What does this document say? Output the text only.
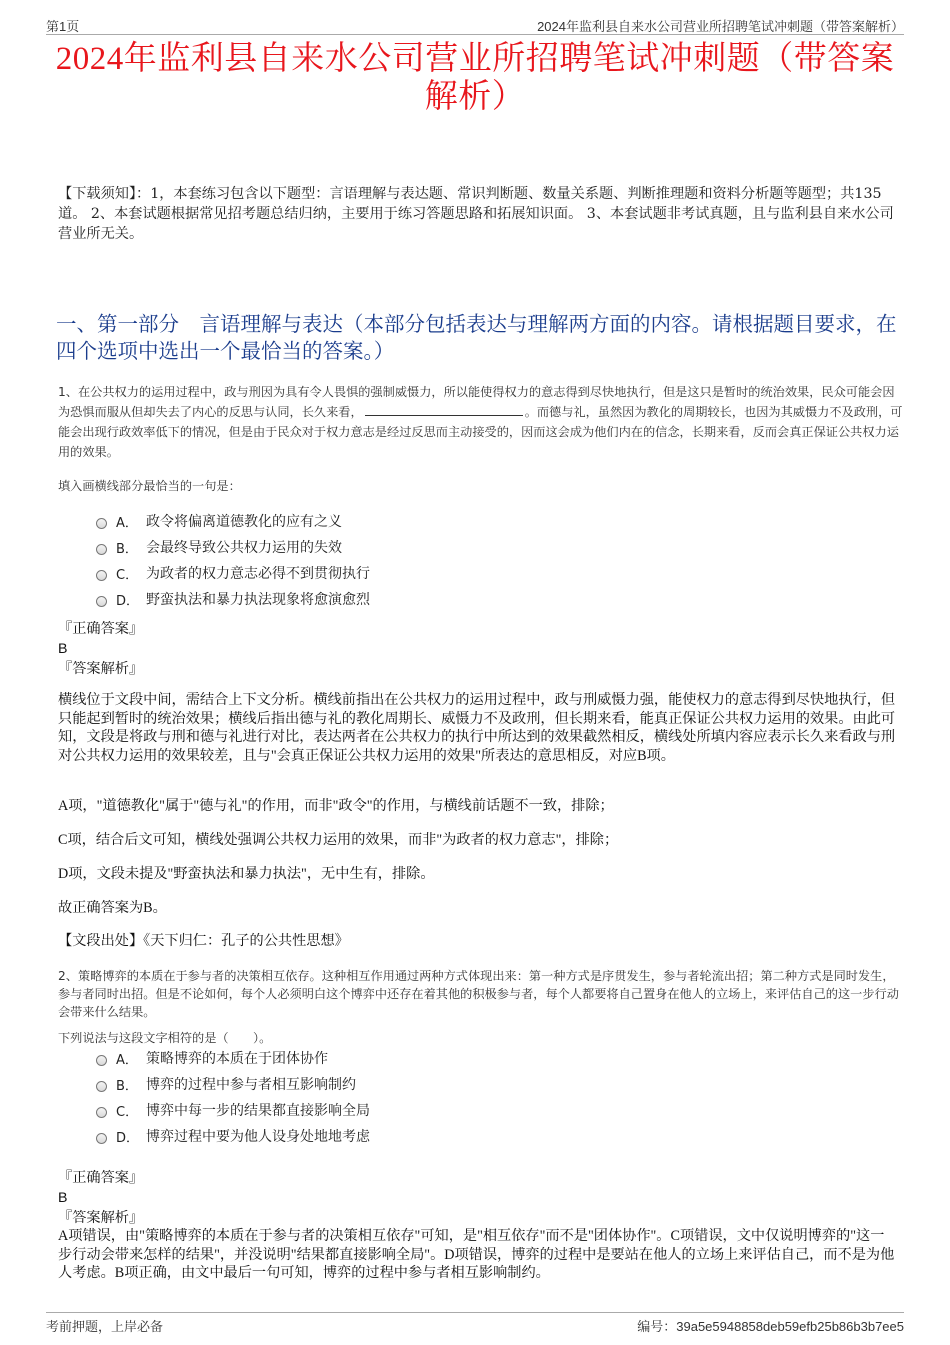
第1页	2024年监利县自来水公司营业所招聘笔试冲刺题（带答案解析）
2024年监利县自来水公司营业所招聘笔试冲刺题（带答案解析）
【下载须知】：1，本套练习包含以下题型：言语理解与表达题、常识判断题、数量关系题、判断推理题和资料分析题等题型；共135道。 2、本套试题根据常见招考题总结归纳，主要用于练习答题思路和拓展知识面。 3、本套试题非考试真题，且与监利县自来水公司营业所无关。
一、第一部分　言语理解与表达（本部分包括表达与理解两方面的内容。请根据题目要求，在四个选项中选出一个最恰当的答案。）
1、在公共权力的运用过程中，政与刑因为具有令人畏惧的强制威慑力，所以能使得权力的意志得到尽快地执行，但是这只是暂时的统治效果，民众可能会因为恐惧而服从但却失去了内心的反思与认同，长久来看，	。而德与礼，虽然因为教化的周期较长，也因为其威慑力不及政刑，可能会出现行政效率低下的情况，但是由于民众对于权力意志是经过反思而主动接受的，因而这会成为他们内在的信念，长期来看，反而会真正保证公共权力运用的效果。
填入画横线部分最恰当的一句是：
A． 政令将偏离道德教化的应有之义
B． 会最终导致公共权力运用的失效
C． 为政者的权力意志必得不到贯彻执行
D． 野蛮执法和暴力执法现象将愈演愈烈
『正确答案』
B
『答案解析』
横线位于文段中间，需结合上下文分析。横线前指出在公共权力的运用过程中，政与刑威慑力强，能使权力的意志得到尽快地执行，但只能起到暂时的统治效果；横线后指出德与礼的教化周期长、威慑力不及政刑，但长期来看，能真正保证公共权力运用的效果。由此可知，文段是将政与刑和德与礼进行对比，表达两者在公共权力的执行中所达到的效果截然相反，横线处所填内容应表示长久来看政与刑对公共权力运用的效果较差，且与"会真正保证公共权力运用的效果"所表达的意思相反，对应B项。
A项，"道德教化"属于"德与礼"的作用，而非"政令"的作用，与横线前话题不一致，排除；
C项，结合后文可知，横线处强调公共权力运用的效果，而非"为政者的权力意志"，排除；
D项，文段未提及"野蛮执法和暴力执法"，无中生有，排除。
故正确答案为B。
【文段出处】《天下归仁：孔子的公共性思想》
2、策略博弈的本质在于参与者的决策相互依存。这种相互作用通过两种方式体现出来：第一种方式是序贯发生，参与者轮流出招；第二种方式是同时发生，参与者同时出招。但是不论如何，每个人必须明白这个博弈中还存在着其他的积极参与者，每个人都要将自己置身在他人的立场上，来评估自己的这一步行动会带来什么结果。
下列说法与这段文字相符的是（　　）。
A． 策略博弈的本质在于团体协作
B． 博弈的过程中参与者相互影响制约
C． 博弈中每一步的结果都直接影响全局
D． 博弈过程中要为他人设身处地地考虑
『正确答案』
B
『答案解析』
A项错误，由"策略博弈的本质在于参与者的决策相互依存"可知，是"相互依存"而不是"团体协作"。C项错误，文中仅说明博弈的"这一步行动会带来怎样的结果"，并没说明"结果都直接影响全局"。D项错误，博弈的过程中是要站在他人的立场上来评估自己，而不是为他人考虑。B项正确，由文中最后一句可知，博弈的过程中参与者相互影响制约。
考前押题，上岸必备	编号：39a5e5948858deb59efb25b86b3b7ee5
